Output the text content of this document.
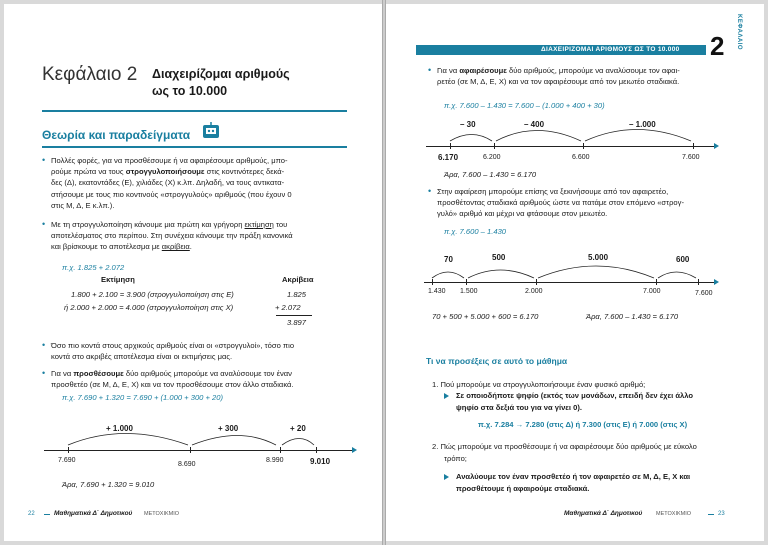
Κεφάλαιο 2 Διαχειρίζομαι αριθμούς
ως το 10.000
Θεωρία και παραδείγματα
• Πολλές φορές, για να προσθέσουμε ή να αφαιρέσουμε αριθμούς, μπο-
ρούμε πρώτα να τους στρογγυλοποιήσουμε στις κοντινότερες δεκά-
δες (Δ), εκατοντάδες (Ε), χιλιάδες (Χ) κ.λπ. Δηλαδή, να τους αντικατα-
στήσουμε με τους πιο κοντινούς «στρογγυλούς» αριθμούς (που έχουν 0
στις Μ, Δ, Ε κ.λπ.).
• Με τη στρογγυλοποίηση κάνουμε μια πρώτη και γρήγορη εκτίμηση του
αποτελέσματος στο περίπου. Στη συνέχεια κάνουμε την πράξη κανονικά
και βρίσκουμε το αποτέλεσμα με ακρίβεια.
π.χ. 1.825 + 2.072
Εκτίμηση	Ακρίβεια
1.800 + 2.100 = 3.900 (στρογγυλοποίηση στις Ε)
ή 2.000 + 2.000 = 4.000 (στρογγυλοποίηση στις Χ)
1.825
+ 2.072
3.897
• Όσο πιο κοντά στους αρχικούς αριθμούς είναι οι «στρογγυλοί», τόσο πιο
κοντά στο ακριβές αποτέλεσμα είναι οι εκτιμήσεις μας.
• Για να προσθέσουμε δύο αριθμούς μπορούμε να αναλύσουμε τον έναν
προσθετέο (σε Μ, Δ, Ε, Χ) και να τον προσθέσουμε στον άλλο σταδιακά.
π.χ. 7.690 + 1.320 = 7.690 + (1.000 + 300 + 20)
+ 1.000	+ 300	+ 20
7.690
8.690
8.990	9.010
Άρα, 7.690 + 1.320 = 9.010
22	Μαθηματικά Δ΄ Δημοτικού ΜΕΤΟΧΙΚΜΙΟ
ΔΙΑΧΕΙΡΙΖΟΜΑΙ ΑΡΙΘΜΟΥΣ ΩΣ ΤΟ 10.000 2 ΚΕΦΑΛΑΙΟ
• Για να αφαιρέσουμε δύο αριθμούς, μπορούμε να αναλύσουμε τον αφαι-
ρετέο (σε Μ, Δ, Ε, Χ) και να τον αφαιρέσουμε από τον μειωτέο σταδιακά.
π.χ. 7.600 – 1.430 = 7.600 – (1.000 + 400 + 30)
– 30	– 400	– 1.000
6.170	6.200	6.600	7.600
Άρα, 7.600 – 1.430 = 6.170
• Στην αφαίρεση μπορούμε επίσης να ξεκινήσουμε από τον αφαιρετέο,
προσθέτοντας σταδιακά αριθμούς ώστε να πατάμε στον επόμενο «στρογ-
γυλό» αριθμό και μέχρι να φτάσουμε στον μειωτέο.
π.χ. 7.600 – 1.430
70	500	5.000	600
1.430 1.500	2.000	7.000	7.600
70 + 500 + 5.000 + 600 = 6.170	Άρα, 7.600 – 1.430 = 6.170
Τι να προσέξεις σε αυτό το μάθημα
1. Πού μπορούμε να στρογγυλοποιήσουμε έναν φυσικό αριθμό;
Σε οποιοδήποτε ψηφίο (εκτός των μονάδων, επειδή δεν έχει άλλο
ψηφίο στα δεξιά του για να γίνει 0).
π.χ. 7.284 → 7.280 (στις Δ) ή 7.300 (στις Ε) ή 7.000 (στις Χ)
2. Πώς μπορούμε να προσθέσουμε ή να αφαιρέσουμε δύο αριθμούς με εύκολο
τρόπο;
Αναλύουμε τον έναν προσθετέο ή τον αφαιρετέο σε Μ, Δ, Ε, Χ και
προσθέτουμε ή αφαιρούμε σταδιακά.
Μαθηματικά Δ΄ Δημοτικού ΜΕΤΟΧΙΚΜΙΟ	23
